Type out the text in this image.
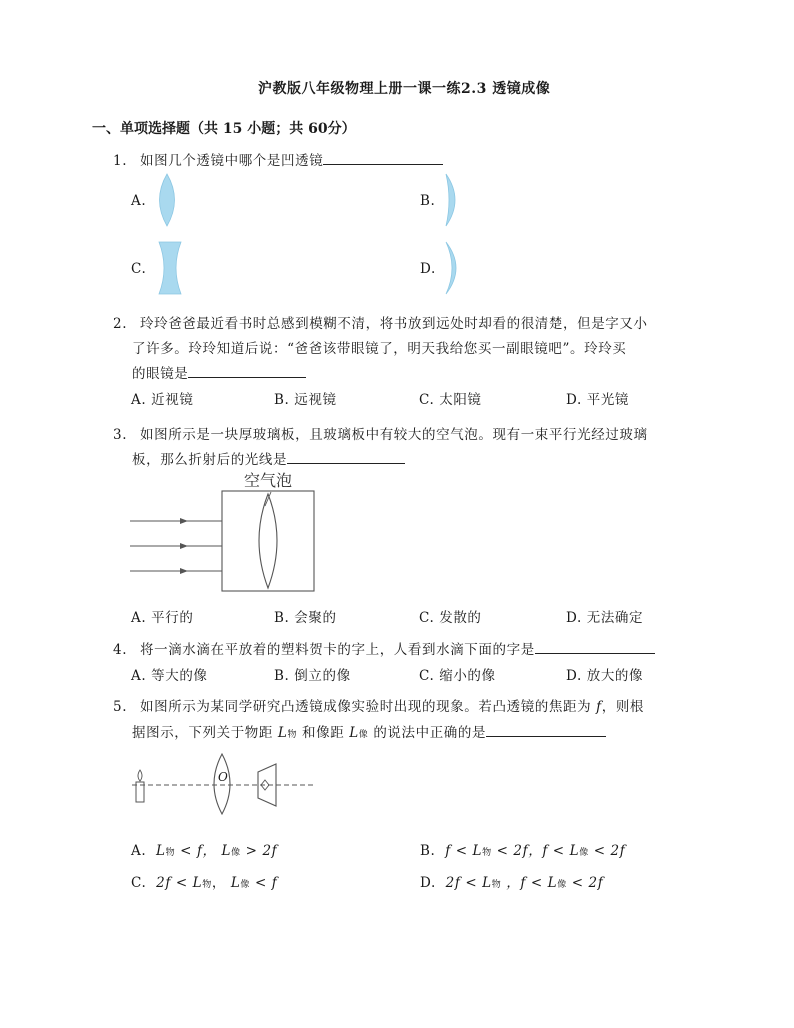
沪教版八年级物理上册一课一练2.3 透镜成像
一、单项选择题（共 15 小题；共 60分）
1. 如图几个透镜中哪个是凹透镜
A.	B.
C.	D.
2. 玲玲爸爸最近看书时总感到模糊不清，将书放到远处时却看的很清楚，但是字又小
了许多。玲玲知道后说：“爸爸该带眼镜了，明天我给您买一副眼镜吧”。玲玲买
的眼镜是
A. 近视镜	B. 远视镜	C. 太阳镜	D. 平光镜
3. 如图所示是一块厚玻璃板，且玻璃板中有较大的空气泡。现有一束平行光经过玻璃
板，那么折射后的光线是
空气泡
A. 平行的	B. 会聚的	C. 发散的	D. 无法确定
4. 将一滴水滴在平放着的塑料贺卡的字上，人看到水滴下面的字是
A. 等大的像	B. 倒立的像	C. 缩小的像	D. 放大的像
5. 如图所示为某同学研究凸透镜成像实验时出现的现象。若凸透镜的焦距为 f，则根
据图示，下列关于物距 L物 和像距 L像 的说法中正确的是
O
A. L物 < f， L像 > 2f	B. f < L物 < 2f，f < L像 < 2f
C. 2f < L物， L像 < f	D. 2f < L物 ，f < L像 < 2f
